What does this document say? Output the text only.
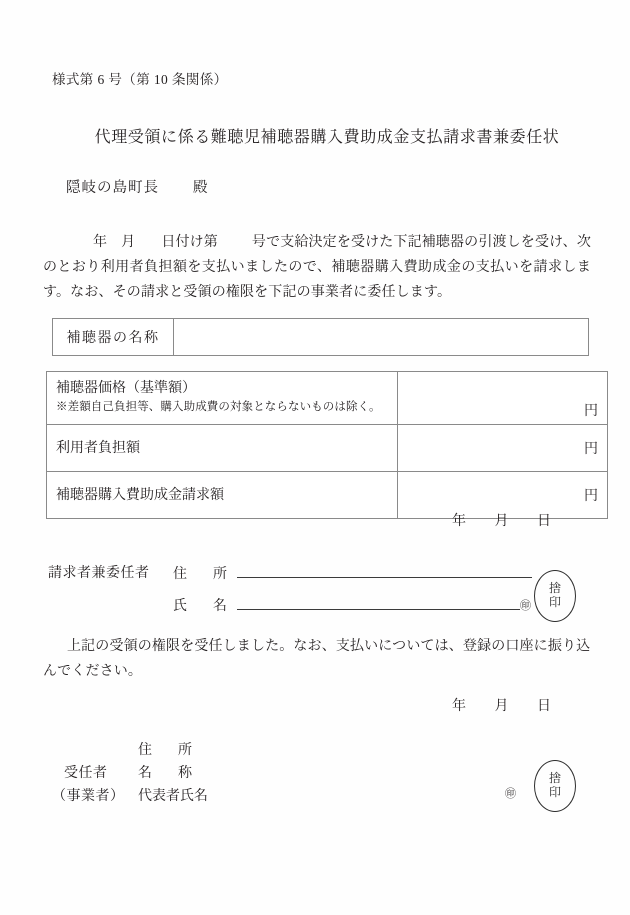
様式第 6 号（第 10 条関係）
代理受領に係る難聴児補聴器購入費助成金支払請求書兼委任状
隠岐の島町長 殿
年 月 日付け第 号で支給決定を受けた下記補聴器の引渡しを受け、次のとおり利用者負担額を支払いましたので、補聴器購入費助成金の支払いを請求します。なお、その請求と受領の権限を下記の事業者に委任します。
補聴器の名称	
補聴器価格（基準額）
※差額自己負担等、購入助成費の対象とならないものは除く。	円
利用者負担額	円
補聴器購入費助成金請求額	円
年 月 日
請求者兼委任者 住　所
氏　名	㊞
捨
印
上記の受領の権限を受任しました。なお、支払いについては、登録の口座に振り込んでください。
年 月 日
受任者
（事業者）
住 所
名 称
代表者氏名	㊞
捨
印
